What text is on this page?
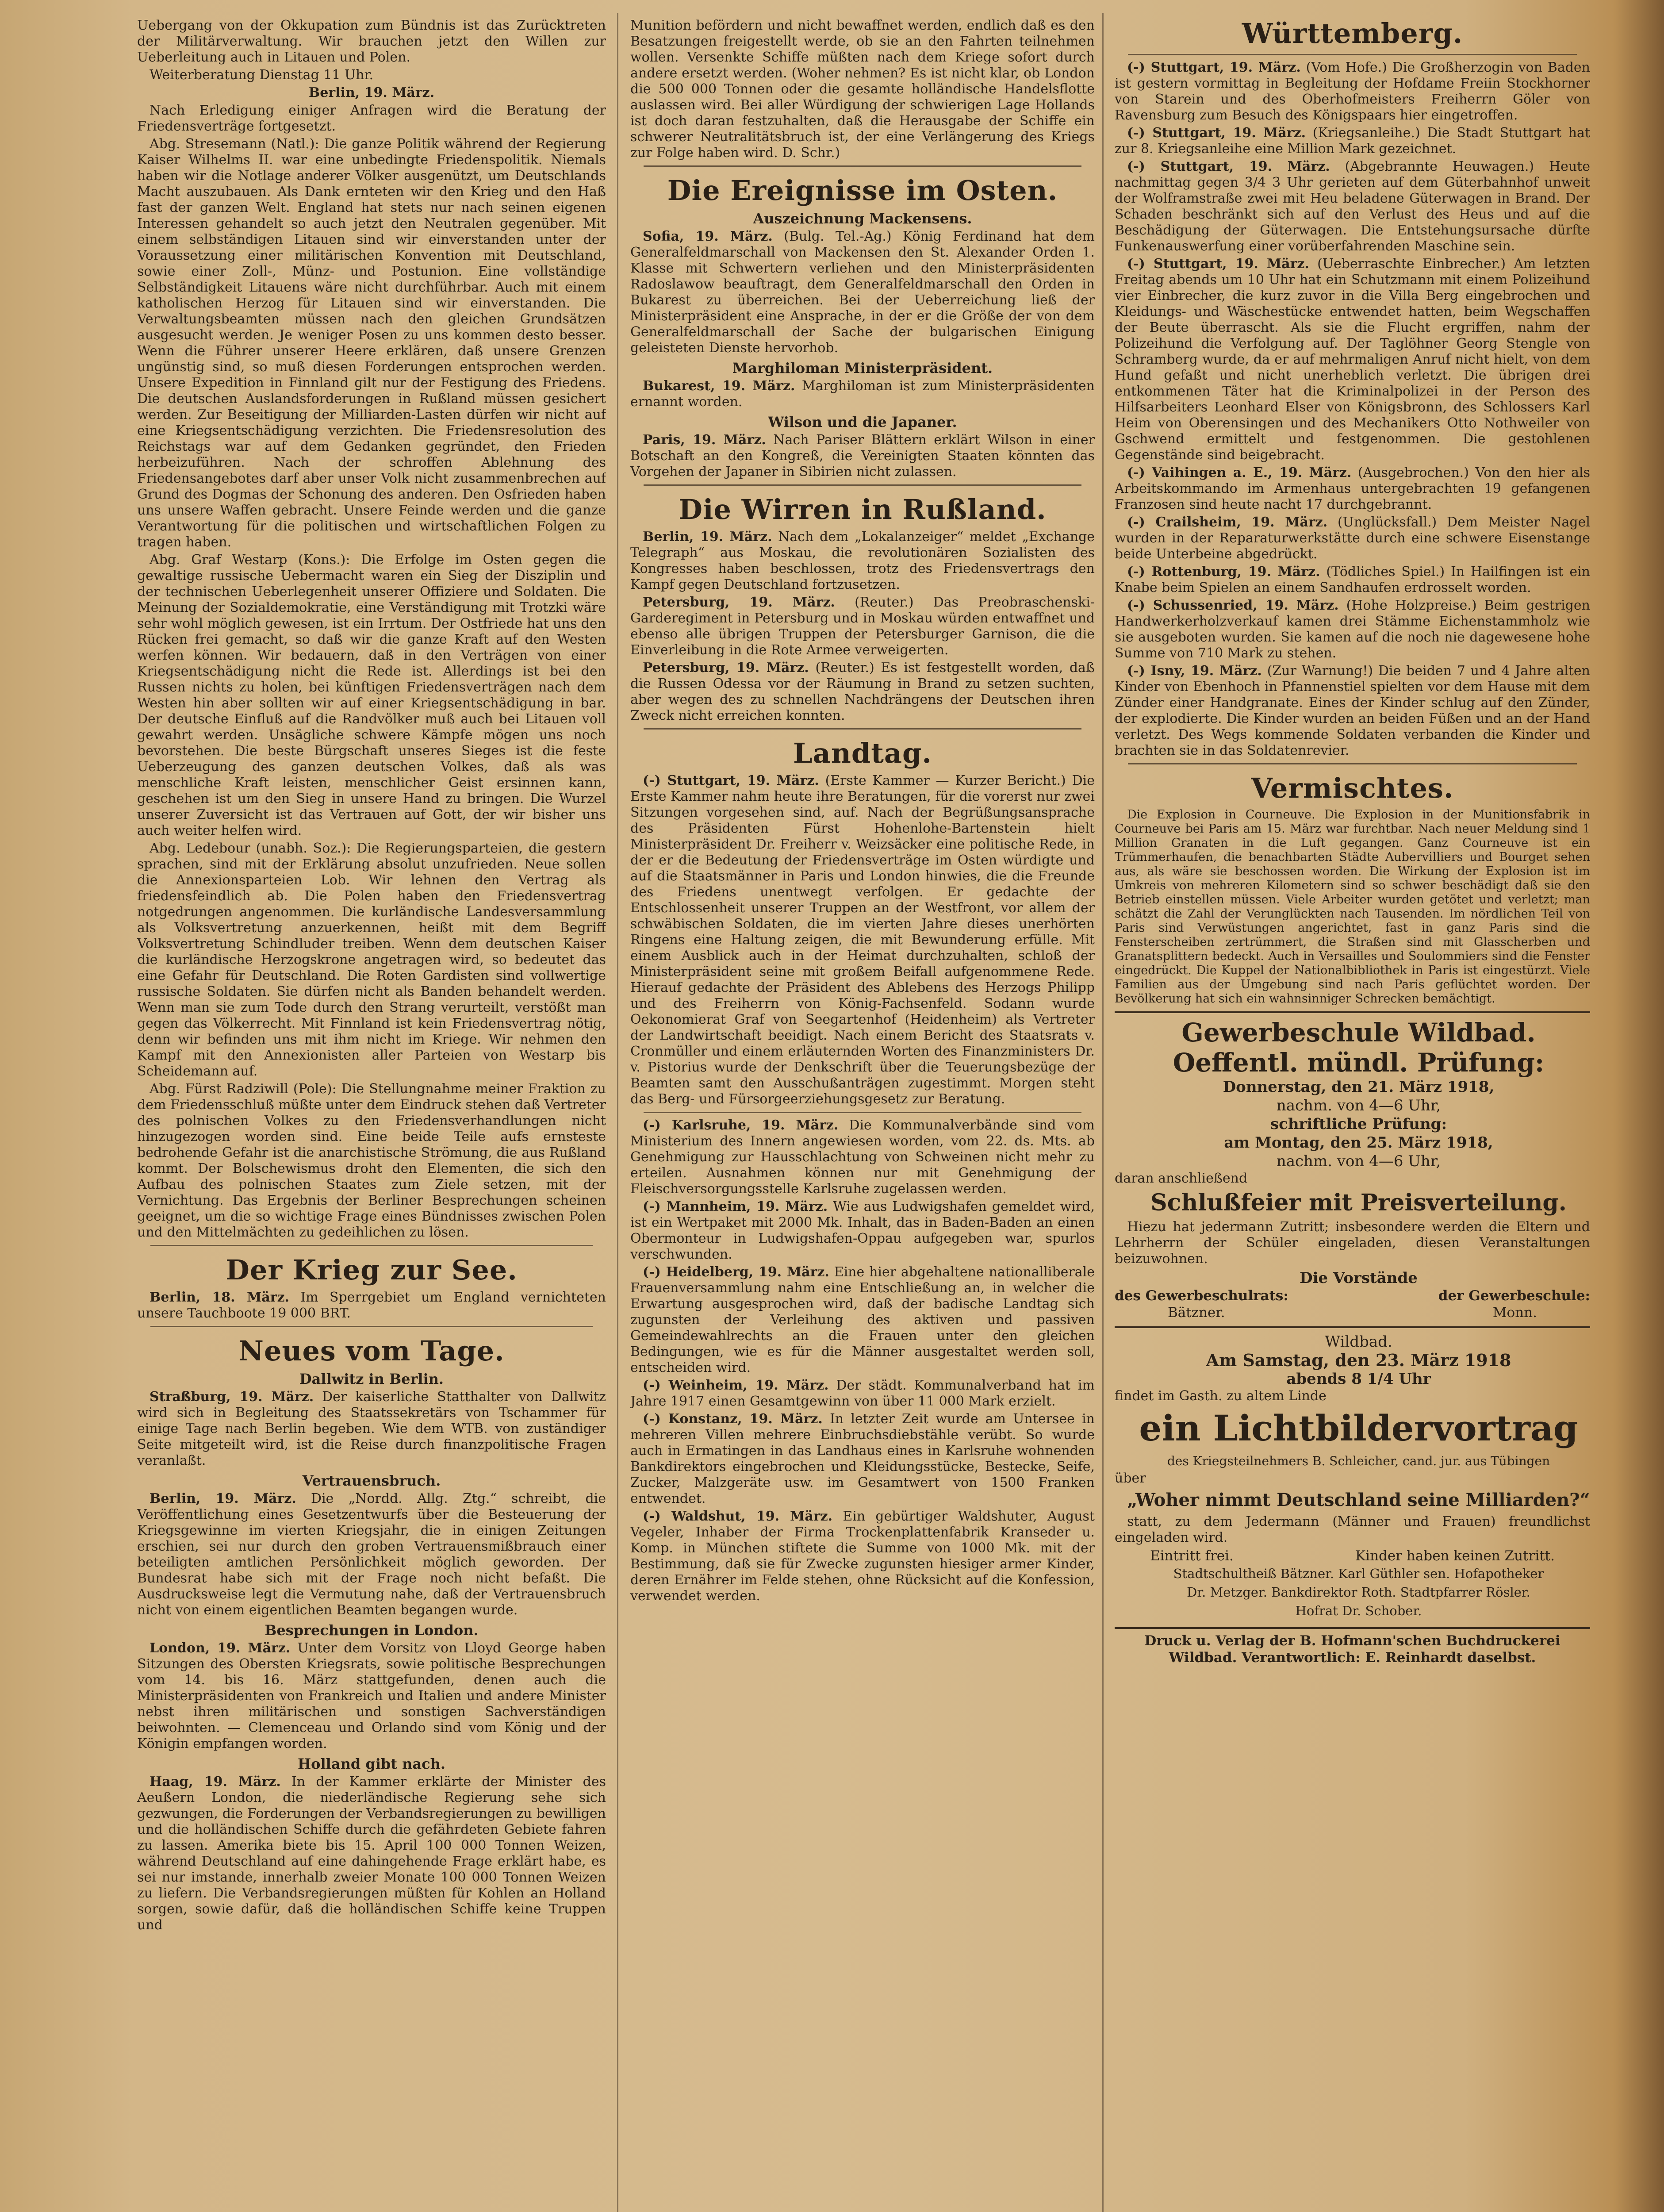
Uebergang von der Okkupation zum Bündnis ist das Zurücktreten der Militärverwaltung. Wir brauchen jetzt den Willen zur Ueberleitung auch in Litauen und Polen.

Weiterberatung Dienstag 11 Uhr.

Berlin, 19. März.

Nach Erledigung einiger Anfragen wird die Beratung der Friedensverträge fortgesetzt.

Abg. Stresemann (Natl.): Die ganze Politik während der Regierung Kaiser Wilhelms II. war eine unbedingte Friedenspolitik. Niemals haben wir die Notlage anderer Völker ausgenützt, um Deutschlands Macht auszubauen. Als Dank ernteten wir den Krieg und den Haß fast der ganzen Welt. England hat stets nur nach seinen eigenen Interessen gehandelt so auch jetzt den Neutralen gegenüber. Mit einem selbständigen Litauen sind wir einverstanden unter der Voraussetzung einer militärischen Konvention mit Deutschland, sowie einer Zoll-, Münz- und Postunion. Eine vollständige Selbständigkeit Litauens wäre nicht durchführbar. Auch mit einem katholischen Herzog für Litauen sind wir einverstanden. Die Verwaltungsbeamten müssen nach den gleichen Grundsätzen ausgesucht werden. Je weniger Posen zu uns kommen desto besser. Wenn die Führer unserer Heere erklären, daß unsere Grenzen ungünstig sind, so muß diesen Forderungen entsprochen werden. Unsere Expedition in Finnland gilt nur der Festigung des Friedens. Die deutschen Auslandsforderungen in Rußland müssen gesichert werden. Zur Beseitigung der Milliarden-Lasten dürfen wir nicht auf eine Kriegsentschädigung verzichten. Die Friedensresolution des Reichstags war auf dem Gedanken gegründet, den Frieden herbeizuführen. Nach der schroffen Ablehnung des Friedensangebotes darf aber unser Volk nicht zusammenbrechen auf Grund des Dogmas der Schonung des anderen. Den Osfrieden haben uns unsere Waffen gebracht. Unsere Feinde werden und die ganze Verantwortung für die politischen und wirtschaftlichen Folgen zu tragen haben.

Abg. Graf Westarp (Kons.): Die Erfolge im Osten gegen die gewaltige russische Uebermacht waren ein Sieg der Disziplin und der technischen Ueberlegenheit unserer Offiziere und Soldaten. Die Meinung der Sozialdemokratie, eine Verständigung mit Trotzki wäre sehr wohl möglich gewesen, ist ein Irrtum. Der Ostfriede hat uns den Rücken frei gemacht, so daß wir die ganze Kraft auf den Westen werfen können. Wir bedauern, daß in den Verträgen von einer Kriegsentschädigung nicht die Rede ist. Allerdings ist bei den Russen nichts zu holen, bei künftigen Friedensverträgen nach dem Westen hin aber sollten wir auf einer Kriegsentschädigung in bar. Der deutsche Einfluß auf die Randvölker muß auch bei Litauen voll gewahrt werden. Unsägliche schwere Kämpfe mögen uns noch bevorstehen. Die beste Bürgschaft unseres Sieges ist die feste Ueberzeugung des ganzen deutschen Volkes, daß als was menschliche Kraft leisten, menschlicher Geist ersinnen kann, geschehen ist um den Sieg in unsere Hand zu bringen. Die Wurzel unserer Zuversicht ist das Vertrauen auf Gott, der wir bisher uns auch weiter helfen wird.

Abg. Ledebour (unabh. Soz.): Die Regierungsparteien, die gestern sprachen, sind mit der Erklärung absolut unzufrieden. Neue sollen die Annexionsparteien Lob. Wir lehnen den Vertrag als friedensfeindlich ab. Die Polen haben den Friedensvertrag notgedrungen angenommen. Die kurländische Landesversammlung als Volksvertretung anzuerkennen, heißt mit dem Begriff Volksvertretung Schindluder treiben. Wenn dem deutschen Kaiser die kurländische Herzogskrone angetragen wird, so bedeutet das eine Gefahr für Deutschland. Die Roten Gardisten sind vollwertige russische Soldaten. Sie dürfen nicht als Banden behandelt werden. Wenn man sie zum Tode durch den Strang verurteilt, verstößt man gegen das Völkerrecht. Mit Finnland ist kein Friedensvertrag nötig, denn wir befinden uns mit ihm nicht im Kriege. Wir nehmen den Kampf mit den Annexionisten aller Parteien von Westarp bis Scheidemann auf.

Abg. Fürst Radziwill (Pole): Die Stellungnahme meiner Fraktion zu dem Friedensschluß müßte unter dem Eindruck stehen daß Vertreter des polnischen Volkes zu den Friedensverhandlungen nicht hinzugezogen worden sind. Eine beide Teile aufs ernsteste bedrohende Gefahr ist die anarchistische Strömung, die aus Rußland kommt. Der Bolschewismus droht den Elementen, die sich den Aufbau des polnischen Staates zum Ziele setzen, mit der Vernichtung. Das Ergebnis der Berliner Besprechungen scheinen geeignet, um die so wichtige Frage eines Bündnisses zwischen Polen und den Mittelmächten zu gedeihlichen zu lösen.

Der Krieg zur See.

Berlin, 18. März. Im Sperrgebiet um England vernichteten unsere Tauchboote 19 000 BRT.

Neues vom Tage.
Dallwitz in Berlin.

Straßburg, 19. März. Der kaiserliche Statthalter von Dallwitz wird sich in Begleitung des Staatssekretärs von Tschammer für einige Tage nach Berlin begeben. Wie dem WTB. von zuständiger Seite mitgeteilt wird, ist die Reise durch finanzpolitische Fragen veranlaßt.

Vertrauensbruch.

Berlin, 19. März. Die „Nordd. Allg. Ztg.“ schreibt, die Veröffentlichung eines Gesetzentwurfs über die Besteuerung der Kriegsgewinne im vierten Kriegsjahr, die in einigen Zeitungen erschien, sei nur durch den groben Vertrauensmißbrauch einer beteiligten amtlichen Persönlichkeit möglich geworden. Der Bundesrat habe sich mit der Frage noch nicht befaßt. Die Ausdrucksweise legt die Vermutung nahe, daß der Vertrauensbruch nicht von einem eigentlichen Beamten begangen wurde.

Besprechungen in London.

London, 19. März. Unter dem Vorsitz von Lloyd George haben Sitzungen des Obersten Kriegsrats, sowie politische Besprechungen vom 14. bis 16. März stattgefunden, denen auch die Ministerpräsidenten von Frankreich und Italien und andere Minister nebst ihren militärischen und sonstigen Sachverständigen beiwohnten. — Clemenceau und Orlando sind vom König und der Königin empfangen worden.

Holland gibt nach.

Haag, 19. März. In der Kammer erklärte der Minister des Aeußern London, die niederländische Regierung sehe sich gezwungen, die Forderungen der Verbandsregierungen zu bewilligen und die holländischen Schiffe durch die gefährdeten Gebiete fahren zu lassen. Amerika biete bis 15. April 100 000 Tonnen Weizen, während Deutschland auf eine dahingehende Frage erklärt habe, es sei nur imstande, innerhalb zweier Monate 100 000 Tonnen Weizen zu liefern. Die Verbandsregierungen müßten für Kohlen an Holland sorgen, sowie dafür, daß die holländischen Schiffe keine Truppen und

Munition befördern und nicht bewaffnet werden, endlich daß es den Besatzungen freigestellt werde, ob sie an den Fahrten teilnehmen wollen. Versenkte Schiffe müßten nach dem Kriege sofort durch andere ersetzt werden. (Woher nehmen? Es ist nicht klar, ob London die 500 000 Tonnen oder die gesamte holländische Handelsflotte auslassen wird. Bei aller Würdigung der schwierigen Lage Hollands ist doch daran festzuhalten, daß die Herausgabe der Schiffe ein schwerer Neutralitätsbruch ist, der eine Verlängerung des Kriegs zur Folge haben wird. D. Schr.)

Die Ereignisse im Osten.
Auszeichnung Mackensens.

Sofia, 19. März. (Bulg. Tel.-Ag.) König Ferdinand hat dem Generalfeldmarschall von Mackensen den St. Alexander Orden 1. Klasse mit Schwertern verliehen und den Ministerpräsidenten Radoslawow beauftragt, dem Generalfeldmarschall den Orden in Bukarest zu überreichen. Bei der Ueberreichung ließ der Ministerpräsident eine Ansprache, in der er die Größe der von dem Generalfeldmarschall der Sache der bulgarischen Einigung geleisteten Dienste hervorhob.

Marghiloman Ministerpräsident.

Bukarest, 19. März. Marghiloman ist zum Ministerpräsidenten ernannt worden.

Wilson und die Japaner.

Paris, 19. März. Nach Pariser Blättern erklärt Wilson in einer Botschaft an den Kongreß, die Vereinigten Staaten könnten das Vorgehen der Japaner in Sibirien nicht zulassen.

Die Wirren in Rußland.

Berlin, 19. März. Nach dem „Lokalanzeiger“ meldet „Exchange Telegraph“ aus Moskau, die revolutionären Sozialisten des Kongresses haben beschlossen, trotz des Friedensvertrags den Kampf gegen Deutschland fortzusetzen.

Petersburg, 19. März. (Reuter.) Das Preobraschenski-Garderegiment in Petersburg und in Moskau würden entwaffnet und ebenso alle übrigen Truppen der Petersburger Garnison, die die Einverleibung in die Rote Armee verweigerten.

Petersburg, 19. März. (Reuter.) Es ist festgestellt worden, daß die Russen Odessa vor der Räumung in Brand zu setzen suchten, aber wegen des zu schnellen Nachdrängens der Deutschen ihren Zweck nicht erreichen konnten.

Landtag.

(-) Stuttgart, 19. März. (Erste Kammer — Kurzer Bericht.) Die Erste Kammer nahm heute ihre Beratungen, für die vorerst nur zwei Sitzungen vorgesehen sind, auf. Nach der Begrüßungsansprache des Präsidenten Fürst Hohenlohe-Bartenstein hielt Ministerpräsident Dr. Freiherr v. Weizsäcker eine politische Rede, in der er die Bedeutung der Friedensverträge im Osten würdigte und auf die Staatsmänner in Paris und London hinwies, die die Freunde des Friedens unentwegt verfolgen. Er gedachte der Entschlossenheit unserer Truppen an der Westfront, vor allem der schwäbischen Soldaten, die im vierten Jahre dieses unerhörten Ringens eine Haltung zeigen, die mit Bewunderung erfülle. Mit einem Ausblick auch in der Heimat durchzuhalten, schloß der Ministerpräsident seine mit großem Beifall aufgenommene Rede. Hierauf gedachte der Präsident des Ablebens des Herzogs Philipp und des Freiherrn von König-Fachsenfeld. Sodann wurde Oekonomierat Graf von Seegartenhof (Heidenheim) als Vertreter der Landwirtschaft beeidigt. Nach einem Bericht des Staatsrats v. Cronmüller und einem erläuternden Worten des Finanzministers Dr. v. Pistorius wurde der Denkschrift über die Teuerungsbezüge der Beamten samt den Ausschußanträgen zugestimmt. Morgen steht das Berg- und Fürsorgeerziehungsgesetz zur Beratung.

(-) Karlsruhe, 19. März. Die Kommunalverbände sind vom Ministerium des Innern angewiesen worden, vom 22. ds. Mts. ab Genehmigung zur Hausschlachtung von Schweinen nicht mehr zu erteilen. Ausnahmen können nur mit Genehmigung der Fleischversorgungsstelle Karlsruhe zugelassen werden.

(-) Mannheim, 19. März. Wie aus Ludwigshafen gemeldet wird, ist ein Wertpaket mit 2000 Mk. Inhalt, das in Baden-Baden an einen Obermonteur in Ludwigshafen-Oppau aufgegeben war, spurlos verschwunden.

(-) Heidelberg, 19. März. Eine hier abgehaltene nationalliberale Frauenversammlung nahm eine Entschließung an, in welcher die Erwartung ausgesprochen wird, daß der badische Landtag sich zugunsten der Verleihung des aktiven und passiven Gemeindewahlrechts an die Frauen unter den gleichen Bedingungen, wie es für die Männer ausgestaltet werden soll, entscheiden wird.

(-) Weinheim, 19. März. Der städt. Kommunalverband hat im Jahre 1917 einen Gesamtgewinn von über 11 000 Mark erzielt.

(-) Konstanz, 19. März. In letzter Zeit wurde am Untersee in mehreren Villen mehrere Einbruchsdiebstähle verübt. So wurde auch in Ermatingen in das Landhaus eines in Karlsruhe wohnenden Bankdirektors eingebrochen und Kleidungsstücke, Bestecke, Seife, Zucker, Malzgeräte usw. im Gesamtwert von 1500 Franken entwendet.

(-) Waldshut, 19. März. Ein gebürtiger Waldshuter, August Vegeler, Inhaber der Firma Trockenplattenfabrik Kranseder u. Komp. in München stiftete die Summe von 1000 Mk. mit der Bestimmung, daß sie für Zwecke zugunsten hiesiger armer Kinder, deren Ernährer im Felde stehen, ohne Rücksicht auf die Konfession, verwendet werden.

Württemberg.

(-) Stuttgart, 19. März. (Vom Hofe.) Die Großherzogin von Baden ist gestern vormittag in Begleitung der Hofdame Freiin Stockhorner von Starein und des Oberhofmeisters Freiherrn Göler von Ravensburg zum Besuch des Königspaars hier eingetroffen.

(-) Stuttgart, 19. März. (Kriegsanleihe.) Die Stadt Stuttgart hat zur 8. Kriegsanleihe eine Million Mark gezeichnet.

(-) Stuttgart, 19. März. (Abgebrannte Heuwagen.) Heute nachmittag gegen 3/4 3 Uhr gerieten auf dem Güterbahnhof unweit der Wolframstraße zwei mit Heu beladene Güterwagen in Brand. Der Schaden beschränkt sich auf den Verlust des Heus und auf die Beschädigung der Güterwagen. Die Entstehungsursache dürfte Funkenauswerfung einer vorüberfahrenden Maschine sein.

(-) Stuttgart, 19. März. (Ueberraschte Einbrecher.) Am letzten Freitag abends um 10 Uhr hat ein Schutzmann mit einem Polizeihund vier Einbrecher, die kurz zuvor in die Villa Berg eingebrochen und Kleidungs- und Wäschestücke entwendet hatten, beim Wegschaffen der Beute überrascht. Als sie die Flucht ergriffen, nahm der Polizeihund die Verfolgung auf. Der Taglöhner Georg Stengle von Schramberg wurde, da er auf mehrmaligen Anruf nicht hielt, von dem Hund gefaßt und nicht unerheblich verletzt. Die übrigen drei entkommenen Täter hat die Kriminalpolizei in der Person des Hilfsarbeiters Leonhard Elser von Königsbronn, des Schlossers Karl Heim von Oberensingen und des Mechanikers Otto Nothweiler von Gschwend ermittelt und festgenommen. Die gestohlenen Gegenstände sind beigebracht.

(-) Vaihingen a. E., 19. März. (Ausgebrochen.) Von den hier als Arbeitskommando im Armenhaus untergebrachten 19 gefangenen Franzosen sind heute nacht 17 durchgebrannt.

(-) Crailsheim, 19. März. (Unglücksfall.) Dem Meister Nagel wurden in der Reparaturwerkstätte durch eine schwere Eisenstange beide Unterbeine abgedrückt.

(-) Rottenburg, 19. März. (Tödliches Spiel.) In Hailfingen ist ein Knabe beim Spielen an einem Sandhaufen erdrosselt worden.

(-) Schussenried, 19. März. (Hohe Holzpreise.) Beim gestrigen Handwerkerholzverkauf kamen drei Stämme Eichenstammholz wie sie ausgeboten wurden. Sie kamen auf die noch nie dagewesene hohe Summe von 710 Mark zu stehen.

(-) Isny, 19. März. (Zur Warnung!) Die beiden 7 und 4 Jahre alten Kinder von Ebenhoch in Pfannenstiel spielten vor dem Hause mit dem Zünder einer Handgranate. Eines der Kinder schlug auf den Zünder, der explodierte. Die Kinder wurden an beiden Füßen und an der Hand verletzt. Des Wegs kommende Soldaten verbanden die Kinder und brachten sie in das Soldatenrevier.

Vermischtes.

Die Explosion in Courneuve. Die Explosion in der Munitionsfabrik in Courneuve bei Paris am 15. März war furchtbar. Nach neuer Meldung sind 1 Million Granaten in die Luft gegangen. Ganz Courneuve ist ein Trümmerhaufen, die benachbarten Städte Aubervilliers und Bourget sehen aus, als wäre sie beschossen worden. Die Wirkung der Explosion ist im Umkreis von mehreren Kilometern sind so schwer beschädigt daß sie den Betrieb einstellen müssen. Viele Arbeiter wurden getötet und verletzt; man schätzt die Zahl der Verunglückten nach Tausenden. Im nördlichen Teil von Paris sind Verwüstungen angerichtet, fast in ganz Paris sind die Fensterscheiben zertrümmert, die Straßen sind mit Glasscherben und Granatsplittern bedeckt. Auch in Versailles und Soulommiers sind die Fenster eingedrückt. Die Kuppel der Nationalbibliothek in Paris ist eingestürzt. Viele Familien aus der Umgebung sind nach Paris geflüchtet worden. Der Bevölkerung hat sich ein wahnsinniger Schrecken bemächtigt.

Gewerbeschule Wildbad.

Oeffentl. mündl. Prüfung:

Donnerstag, den 21. März 1918,

nachm. von 4—6 Uhr,

schriftliche Prüfung:

am Montag, den 25. März 1918,

nachm. von 4—6 Uhr,

daran anschließend

Schlußfeier mit Preisverteilung.

Hiezu hat jedermann Zutritt; insbesondere werden die Eltern und Lehrherrn der Schüler eingeladen, diesen Veranstaltungen beizuwohnen.

Die Vorstände

des Gewerbeschulrats:	der Gewerbeschule:
Bätzner.	Monn.

Wildbad.

Am Samstag, den 23. März 1918

abends 8 1/4 Uhr

findet im Gasth. zu altem Linde

ein Lichtbildervortrag

des Kriegsteilnehmers B. Schleicher, cand. jur. aus Tübingen

über

„Woher nimmt Deutschland seine Milliarden?“

statt, zu dem Jedermann (Männer und Frauen) freundlichst eingeladen wird.

Eintritt frei.	Kinder haben keinen Zutritt.

Stadtschultheiß Bätzner. Karl Güthler sen. Hofapotheker

Dr. Metzger. Bankdirektor Roth. Stadtpfarrer Rösler.

Hofrat Dr. Schober.

Druck u. Verlag der B. Hofmann'schen Buchdruckerei
Wildbad. Verantwortlich: E. Reinhardt daselbst.
